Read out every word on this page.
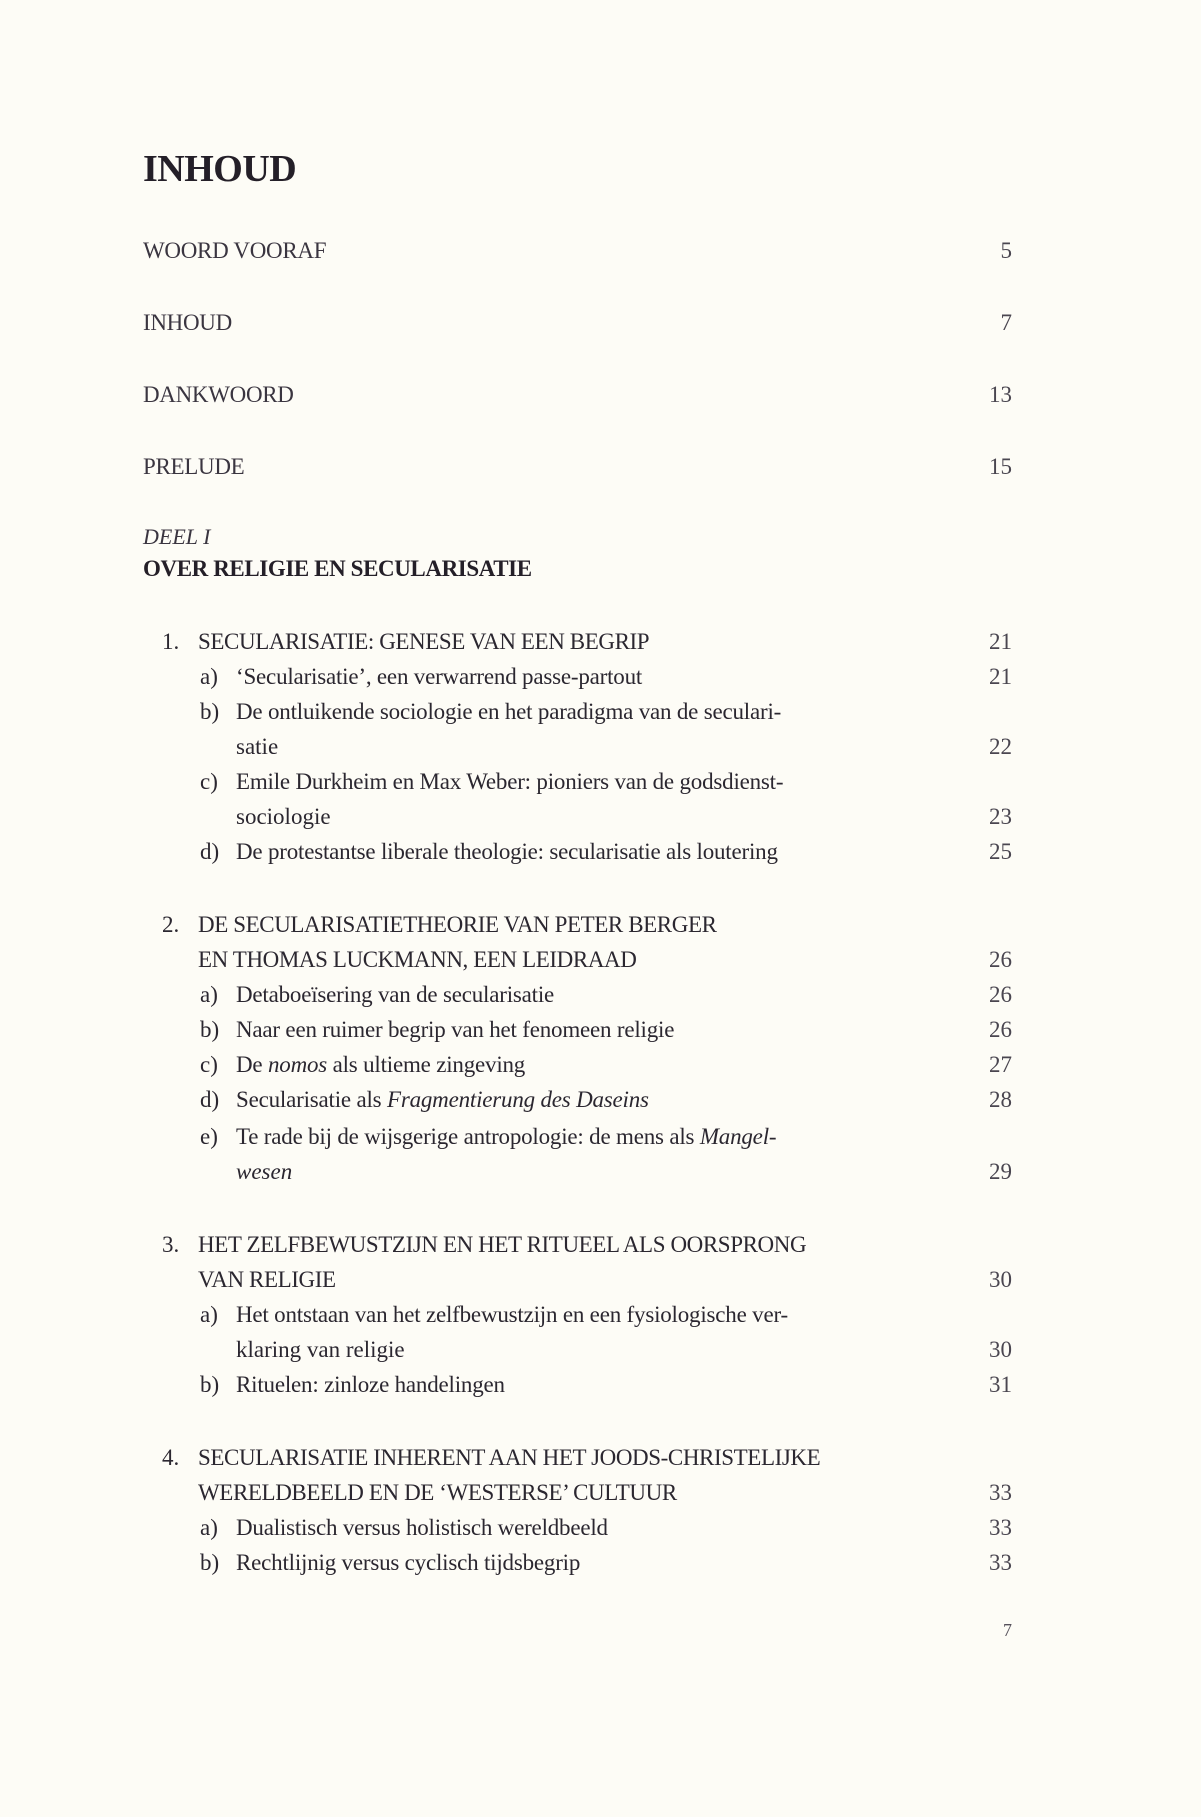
INHOUD
WOORD VOORAF	5
INHOUD	7
DANKWOORD	13
PRELUDE	15
DEEL I
OVER RELIGIE EN SECULARISATIE
1. SECULARISATIE: GENESE VAN EEN BEGRIP	21
a) ‘Secularisatie’, een verwarrend passe-partout	21
b) De ontluikende sociologie en het paradigma van de seculari-
satie	22
c) Emile Durkheim en Max Weber: pioniers van de godsdienst-
sociologie	23
d) De protestantse liberale theologie: secularisatie als loutering	25
2. DE SECULARISATIETHEORIE VAN PETER BERGER
EN THOMAS LUCKMANN, EEN LEIDRAAD	26
a) Detaboeïsering van de secularisatie	26
b) Naar een ruimer begrip van het fenomeen religie	26
c) De nomos als ultieme zingeving	27
d) Secularisatie als Fragmentierung des Daseins	28
e) Te rade bij de wijsgerige antropologie: de mens als Mangel-
wesen	29
3. HET ZELFBEWUSTZIJN EN HET RITUEEL ALS OORSPRONG
VAN RELIGIE	30
a) Het ontstaan van het zelfbewustzijn en een fysiologische ver-
klaring van religie	30
b) Rituelen: zinloze handelingen	31
4. SECULARISATIE INHERENT AAN HET JOODS-CHRISTELIJKE
WERELDBEELD EN DE ‘WESTERSE’ CULTUUR	33
a) Dualistisch versus holistisch wereldbeeld	33
b) Rechtlijnig versus cyclisch tijdsbegrip	33
7
